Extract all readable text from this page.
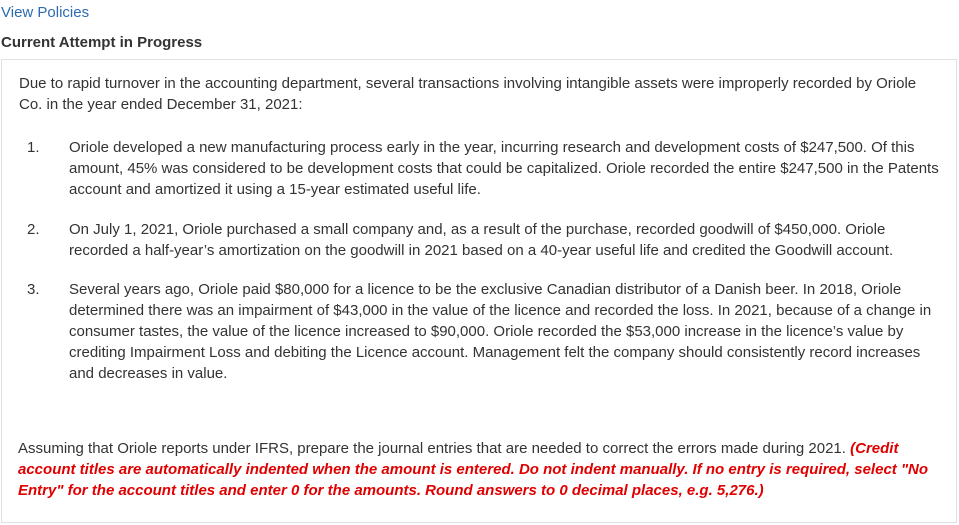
View Policies
Current Attempt in Progress
Due to rapid turnover in the accounting department, several transactions involving intangible assets were improperly recorded by Oriole Co. in the year ended December 31, 2021:
1. Oriole developed a new manufacturing process early in the year, incurring research and development costs of $247,500. Of this amount, 45% was considered to be development costs that could be capitalized. Oriole recorded the entire $247,500 in the Patents account and amortized it using a 15-year estimated useful life.
2. On July 1, 2021, Oriole purchased a small company and, as a result of the purchase, recorded goodwill of $450,000. Oriole recorded a half-year’s amortization on the goodwill in 2021 based on a 40-year useful life and credited the Goodwill account.
3. Several years ago, Oriole paid $80,000 for a licence to be the exclusive Canadian distributor of a Danish beer. In 2018, Oriole determined there was an impairment of $43,000 in the value of the licence and recorded the loss. In 2021, because of a change in consumer tastes, the value of the licence increased to $90,000. Oriole recorded the $53,000 increase in the licence’s value by crediting Impairment Loss and debiting the Licence account. Management felt the company should consistently record increases and decreases in value.
Assuming that Oriole reports under IFRS, prepare the journal entries that are needed to correct the errors made during 2021. (Credit account titles are automatically indented when the amount is entered. Do not indent manually. If no entry is required, select "No Entry" for the account titles and enter 0 for the amounts. Round answers to 0 decimal places, e.g. 5,276.)
